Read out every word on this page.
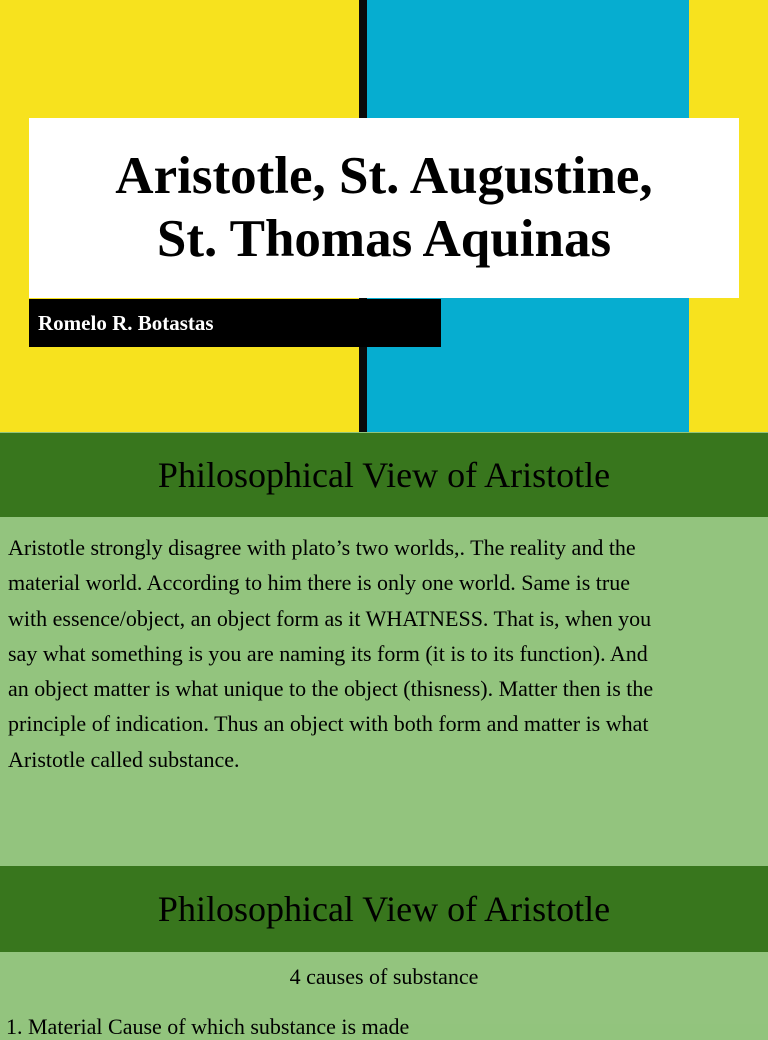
Aristotle, St. Augustine,
St. Thomas Aquinas
Romelo R. Botastas
Philosophical View of Aristotle
Aristotle strongly disagree with plato’s two worlds,. The reality and the
material world. According to him there is only one world. Same is true
with essence/object, an object form as it WHATNESS. That is, when you
say what something is you are naming its form (it is to its function). And
an object matter is what unique to the object (thisness). Matter then is the
principle of indication. Thus an object with both form and matter is what
Aristotle called substance.
Philosophical View of Aristotle
4 causes of substance
1. Material Cause of which substance is made
